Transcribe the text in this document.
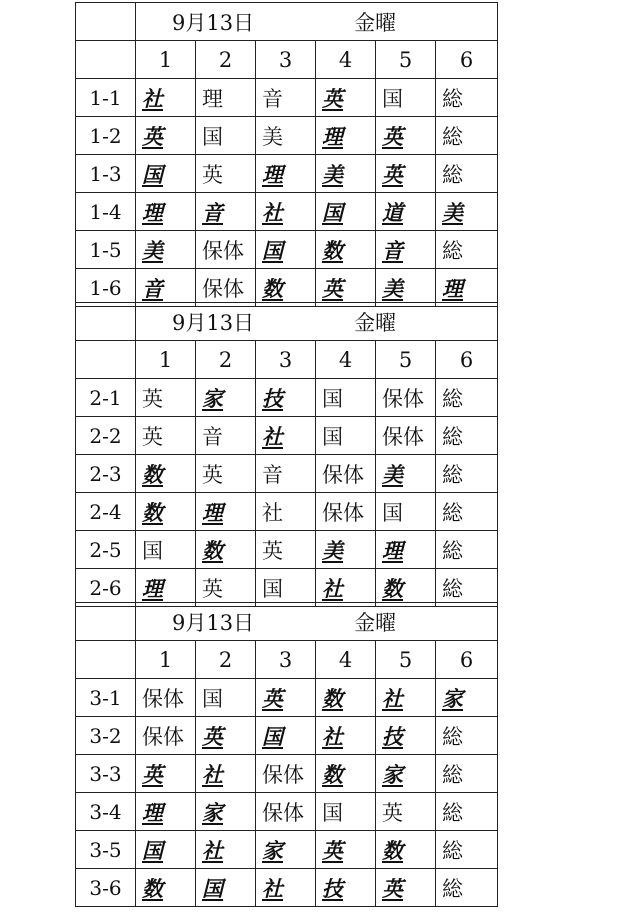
	9月13日 金曜					
	1	2	3	4	5	6
1-1	社	理	音	英	国	総
1-2	英	国	美	理	英	総
1-3	国	英	理	美	英	総
1-4	理	音	社	国	道	美
1-5	美	保体	国	数	音	総
1-6	音	保体	数	英	美	理
	9月13日 金曜					
	1	2	3	4	5	6
2-1	英	家	技	国	保体	総
2-2	英	音	社	国	保体	総
2-3	数	英	音	保体	美	総
2-4	数	理	社	保体	国	総
2-5	国	数	英	美	理	総
2-6	理	英	国	社	数	総
	9月13日 金曜					
	1	2	3	4	5	6
3-1	保体	国	英	数	社	家
3-2	保体	英	国	社	技	総
3-3	英	社	保体	数	家	総
3-4	理	家	保体	国	英	総
3-5	国	社	家	英	数	総
3-6	数	国	社	技	英	総
